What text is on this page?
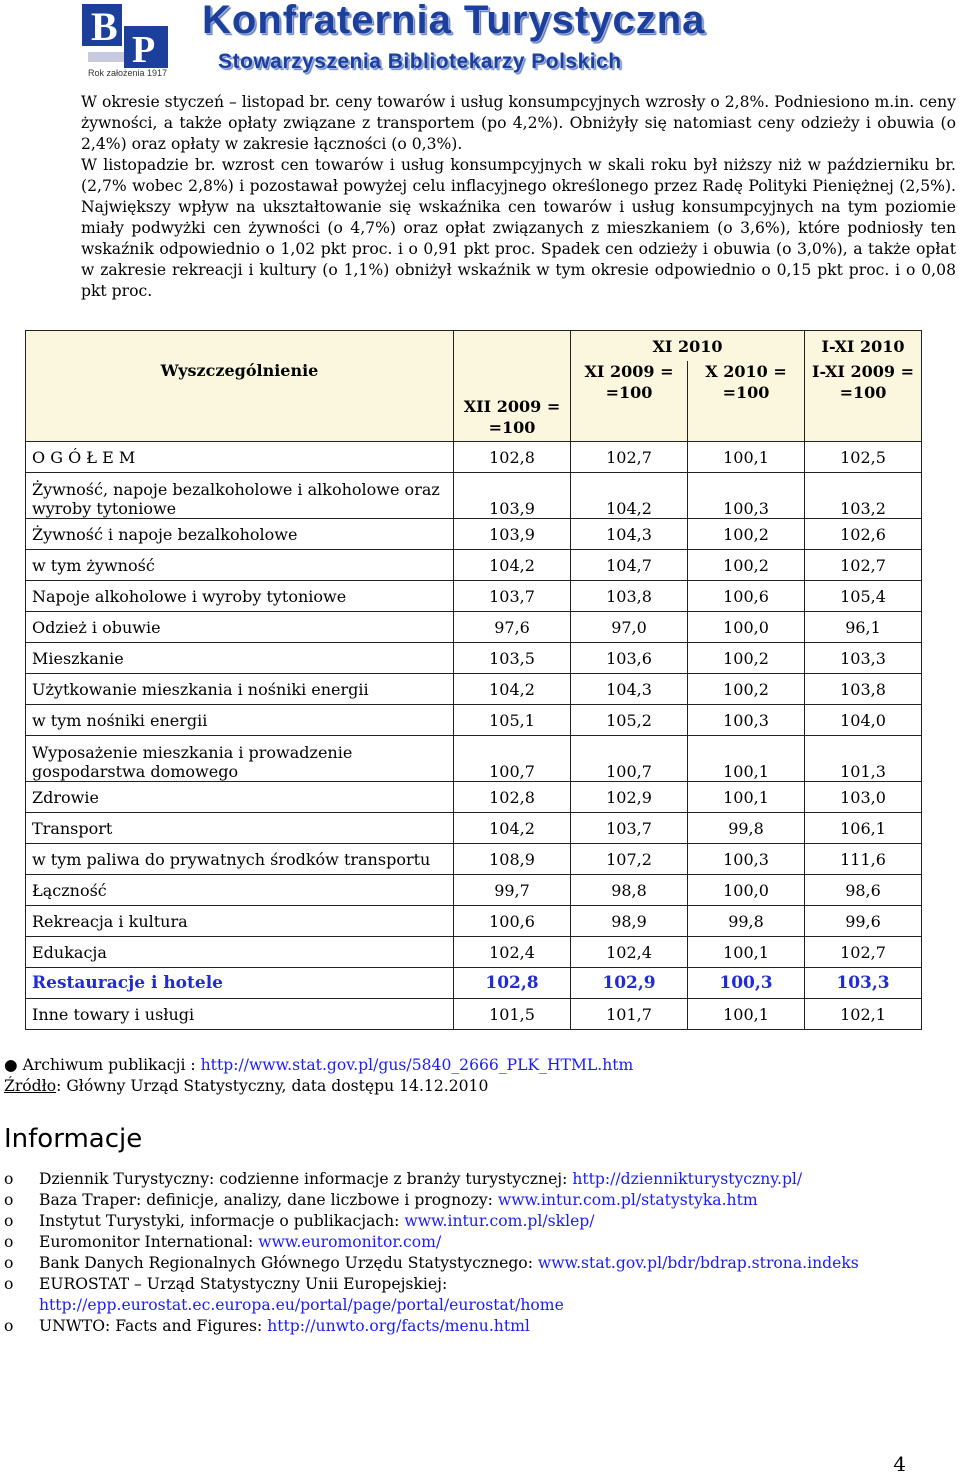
B
P
Rok założenia 1917
Konfraternia Turystyczna
Stowarzyszenia Bibliotekarzy Polskich

W okresie styczeń – listopad br. ceny towarów i usług konsumpcyjnych wzrosły o 2,8%. Podniesiono m.in. ceny żywności, a także opłaty związane z transportem (po 4,2%). Obniżyły się natomiast ceny odzieży i obuwia (o 2,4%) oraz opłaty w zakresie łączności (o 0,3%).

W listopadzie br. wzrost cen towarów i usług konsumpcyjnych w skali roku był niższy niż w październiku br. (2,7% wobec 2,8%) i pozostawał powyżej celu inflacyjnego określonego przez Radę Polityki Pieniężnej (2,5%). Największy wpływ na ukształtowanie się wskaźnika cen towarów i usług konsumpcyjnych na tym poziomie miały podwyżki cen żywności (o 4,7%) oraz opłat związanych z mieszkaniem (o 3,6%), które podniosły ten wskaźnik odpowiednio o 1,02 pkt proc. i o 0,91 pkt proc. Spadek cen odzieży i obuwia (o 3,0%), a także opłat w zakresie rekreacji i kultury (o 1,1%) obniżył wskaźnik w tym okresie odpowiednio o 0,15 pkt proc. i o 0,08 pkt proc.

Wyszczególnienie	XII 2009 = =100	XI 2010		I-XI 2010
		XI 2009 = =100	X 2010 = =100	I-XI 2009 = =100
O G Ó Ł E M	102,8	102,7	100,1	102,5
Żywność, napoje bezalkoholowe i alkoholowe oraz wyroby tytoniowe	103,9	104,2	100,3	103,2
Żywność i napoje bezalkoholowe	103,9	104,3	100,2	102,6
w tym żywność	104,2	104,7	100,2	102,7
Napoje alkoholowe i wyroby tytoniowe	103,7	103,8	100,6	105,4
Odzież i obuwie	97,6	97,0	100,0	96,1
Mieszkanie	103,5	103,6	100,2	103,3
Użytkowanie mieszkania i nośniki energii	104,2	104,3	100,2	103,8
w tym nośniki energii	105,1	105,2	100,3	104,0
Wyposażenie mieszkania i prowadzenie gospodarstwa domowego	100,7	100,7	100,1	101,3
Zdrowie	102,8	102,9	100,1	103,0
Transport	104,2	103,7	99,8	106,1
w tym paliwa do prywatnych środków transportu	108,9	107,2	100,3	111,6
Łączność	99,7	98,8	100,0	98,6
Rekreacja i kultura	100,6	98,9	99,8	99,6
Edukacja	102,4	102,4	100,1	102,7
Restauracje i hotele	102,8	102,9	100,3	103,3
Inne towary i usługi	101,5	101,7	100,1	102,1
● Archiwum publikacji : http://www.stat.gov.pl/gus/5840_2666_PLK_HTML.htm
Źródło: Główny Urząd Statystyczny, data dostępu 14.12.2010
Informacje
o Dziennik Turystyczny: codzienne informacje z branży turystycznej: http://dziennikturystyczny.pl/
o Baza Traper: definicje, analizy, dane liczbowe i prognozy: www.intur.com.pl/statystyka.htm
o Instytut Turystyki, informacje o publikacjach: www.intur.com.pl/sklep/
o Euromonitor International: www.euromonitor.com/
o Bank Danych Regionalnych Głównego Urzędu Statystycznego: www.stat.gov.pl/bdr/bdrap.strona.indeks
o EUROSTAT – Urząd Statystyczny Unii Europejskiej: http://epp.eurostat.ec.europa.eu/portal/page/portal/eurostat/home
o UNWTO: Facts and Figures: http://unwto.org/facts/menu.html
4
